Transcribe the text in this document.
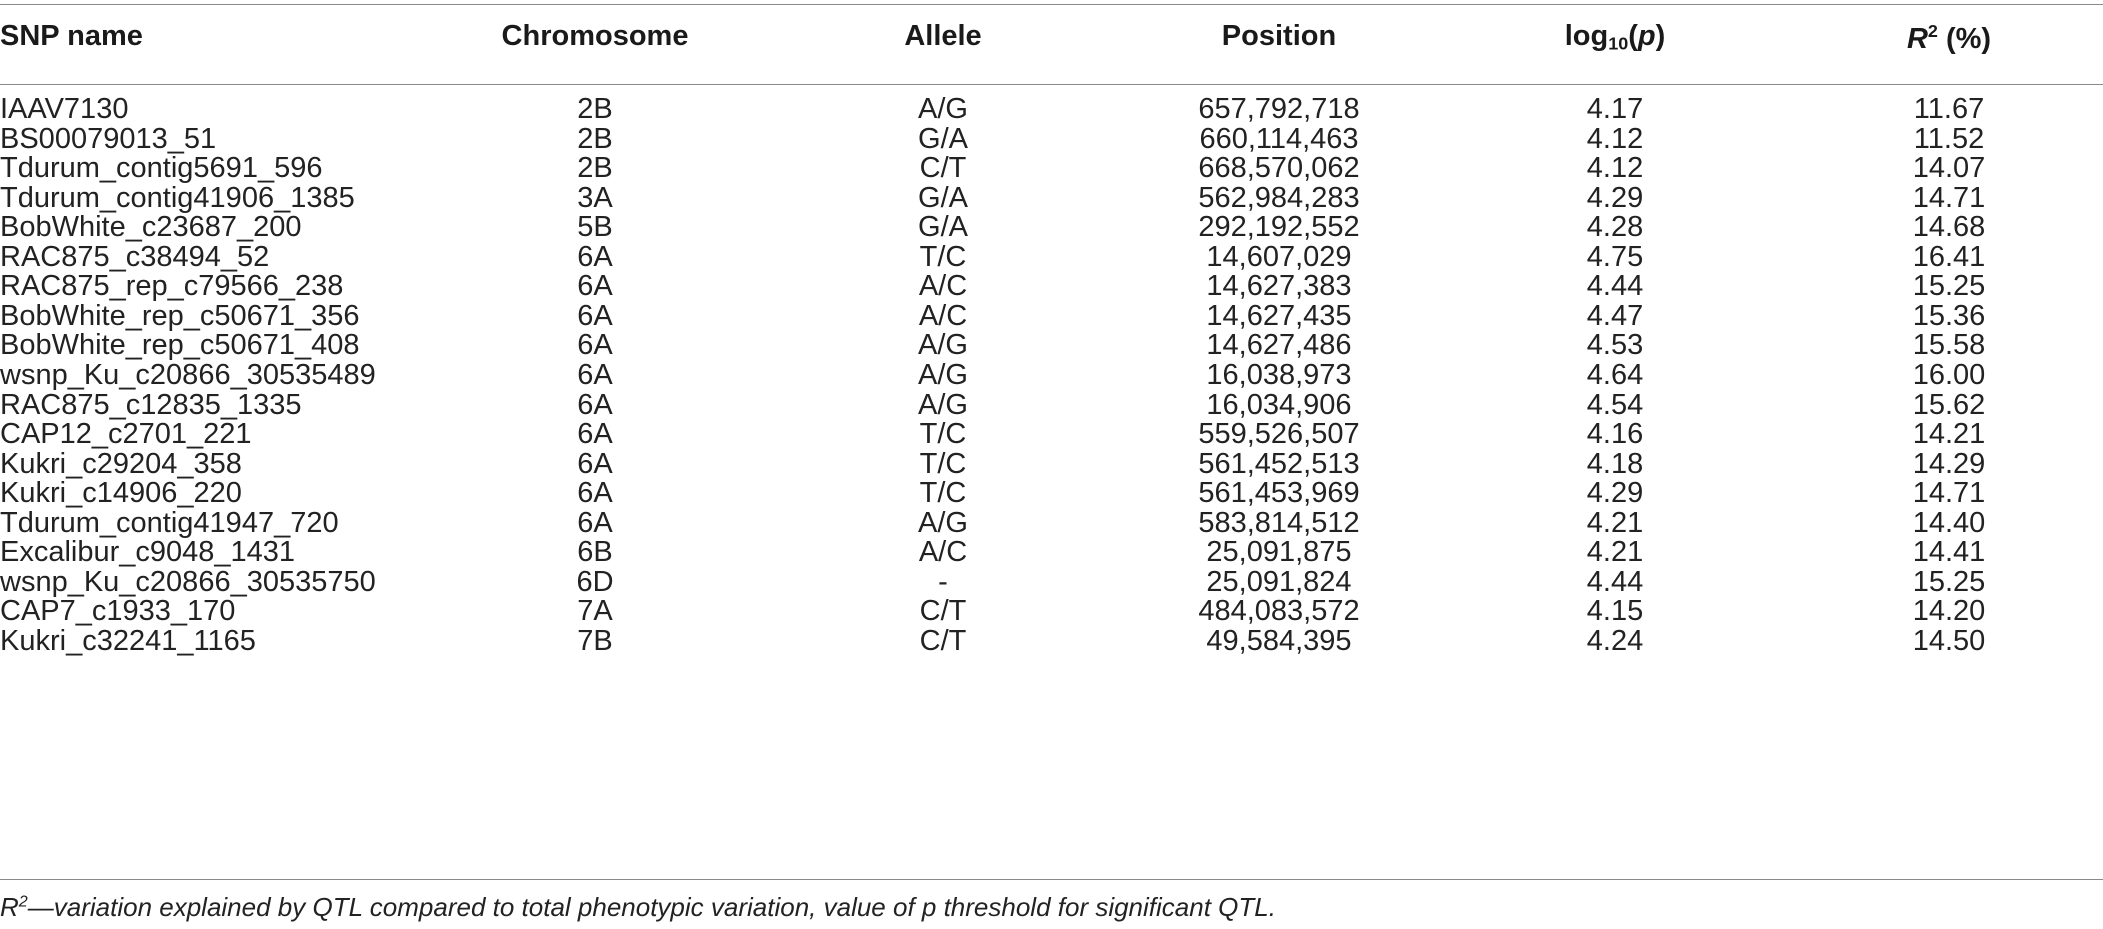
SNP name	Chromosome	Allele	Position	$\log_{10}(p)$	$R^2$ (%)
IAAV7130	2B	A/G	657,792,718	4.17	11.67
BS00079013_51	2B	G/A	660,114,463	4.12	11.52
Tdurum_contig5691_596	2B	C/T	668,570,062	4.12	14.07
Tdurum_contig41906_1385	3A	G/A	562,984,283	4.29	14.71
BobWhite_c23687_200	5B	G/A	292,192,552	4.28	14.68
RAC875_c38494_52	6A	T/C	14,607,029	4.75	16.41
RAC875_rep_c79566_238	6A	A/C	14,627,383	4.44	15.25
BobWhite_rep_c50671_356	6A	A/C	14,627,435	4.47	15.36
BobWhite_rep_c50671_408	6A	A/G	14,627,486	4.53	15.58
wsnp_Ku_c20866_30535489	6A	A/G	16,038,973	4.64	16.00
RAC875_c12835_1335	6A	A/G	16,034,906	4.54	15.62
CAP12_c2701_221	6A	T/C	559,526,507	4.16	14.21
Kukri_c29204_358	6A	T/C	561,452,513	4.18	14.29
Kukri_c14906_220	6A	T/C	561,453,969	4.29	14.71
Tdurum_contig41947_720	6A	A/G	583,814,512	4.21	14.40
Excalibur_c9048_1431	6B	A/C	25,091,875	4.21	14.41
wsnp_Ku_c20866_30535750	6D	-	25,091,824	4.44	15.25
CAP7_c1933_170	7A	C/T	484,083,572	4.15	14.20
Kukri_c32241_1165	7B	C/T	49,584,395	4.24	14.50
$R^2—variation$ explained by QTL compared to total phenotypic variation, value of p threshold for significant QTL.
